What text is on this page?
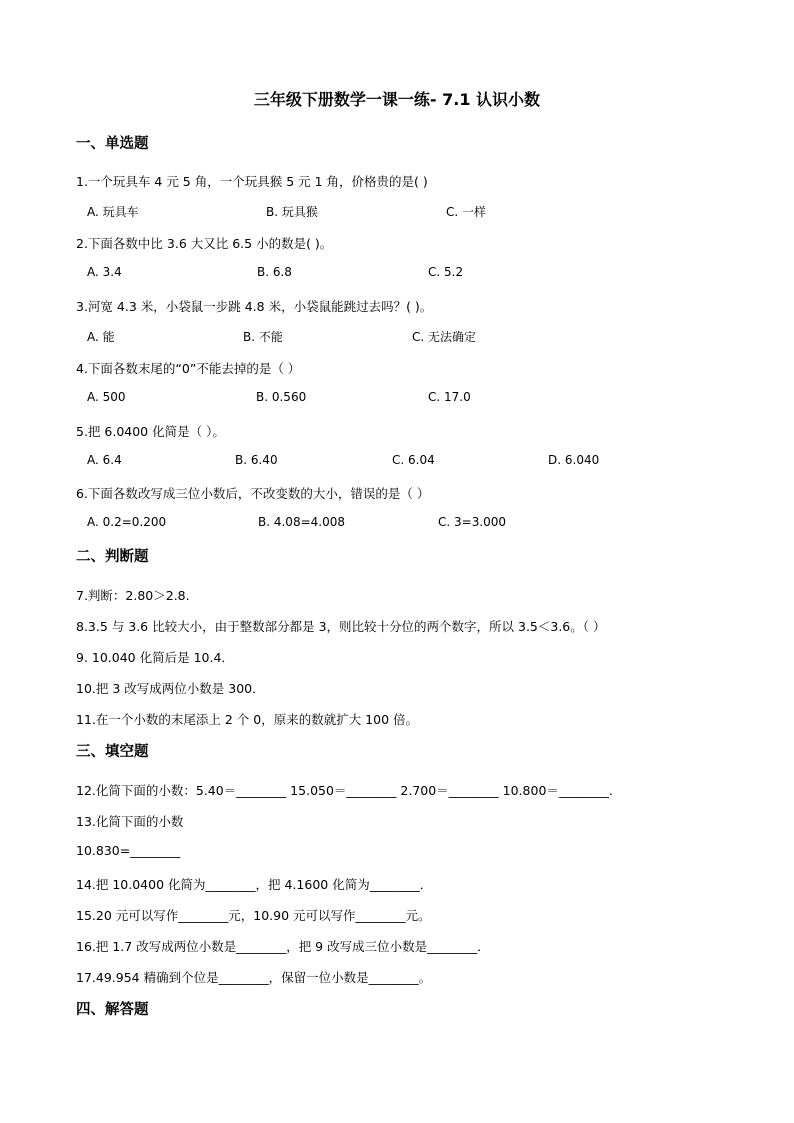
三年级下册数学一课一练- 7.1 认识小数
一、单选题
1.一个玩具车 4 元 5 角，一个玩具猴 5 元 1 角，价格贵的是( )
A. 玩具车	B. 玩具猴	C. 一样
2.下面各数中比 3.6 大又比 6.5 小的数是( )。
A. 3.4	B. 6.8	C. 5.2
3.河宽 4.3 米，小袋鼠一步跳 4.8 米，小袋鼠能跳过去吗？( )。
A. 能	B. 不能	C. 无法确定
4.下面各数末尾的“0”不能去掉的是（ ）
A. 500	B. 0.560	C. 17.0
5.把 6.0400 化简是（ ）。
A. 6.4	B. 6.40	C. 6.04	D. 6.040
6.下面各数改写成三位小数后，不改变数的大小，错误的是（ ）
A. 0.2=0.200	B. 4.08=4.008	C. 3=3.000
二、判断题
7.判断：2.80＞2.8.
8.3.5 与 3.6 比较大小，由于整数部分都是 3，则比较十分位的两个数字，所以 3.5＜3.6。（ ）
9. 10.040 化简后是 10.4．
10.把 3 改写成两位小数是 300．
11.在一个小数的末尾添上 2 个 0，原来的数就扩大 100 倍。
三、填空题
12.化简下面的小数：5.40＝________ 15.050＝________ 2.700＝________ 10.800＝________.
13.化简下面的小数
10.830=________
14.把 10.0400 化简为________，把 4.1600 化简为________．
15.20 元可以写作________元，10.90 元可以写作________元。
16.把 1.7 改写成两位小数是________，把 9 改写成三位小数是________．
17.49.954 精确到个位是________，保留一位小数是________。
四、解答题
